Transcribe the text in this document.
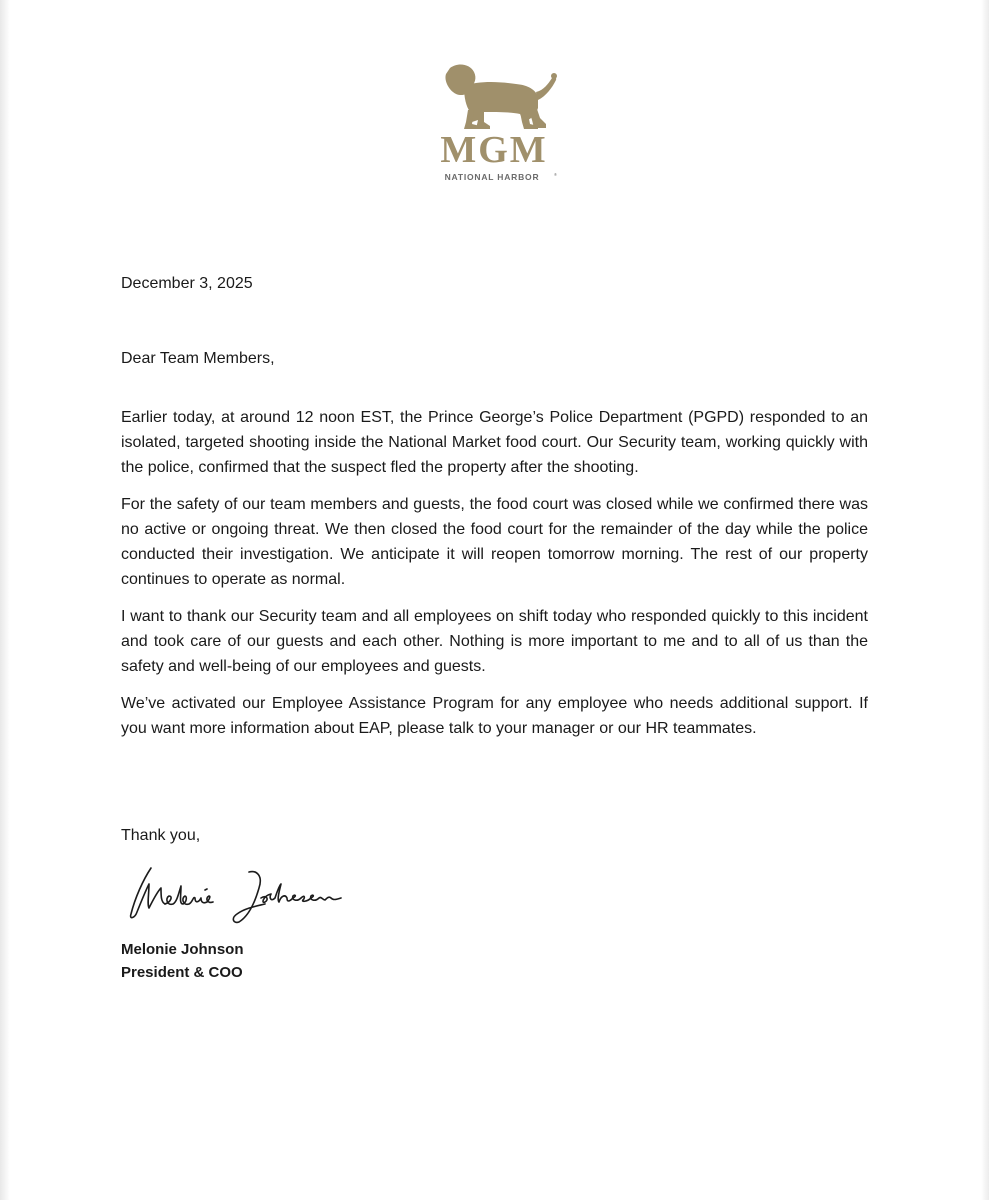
MGM
NATIONAL HARBOR	®
December 3, 2025
Dear Team Members,

Earlier today, at around 12 noon EST, the Prince George’s Police Department (PGPD) responded to an isolated, targeted shooting inside the National Market food court. Our Security team, working quickly with the police, confirmed that the suspect fled the property after the shooting.

For the safety of our team members and guests, the food court was closed while we confirmed there was no active or ongoing threat. We then closed the food court for the remainder of the day while the police conducted their investigation. We anticipate it will reopen tomorrow morning. The rest of our property continues to operate as normal.

I want to thank our Security team and all employees on shift today who responded quickly to this incident and took care of our guests and each other. Nothing is more important to me and to all of us than the safety and well-being of our employees and guests.

We’ve activated our Employee Assistance Program for any employee who needs additional support. If you want more information about EAP, please talk to your manager or our HR teammates.

Thank you,
Melonie Johnson
Melonie Johnson
President & COO
